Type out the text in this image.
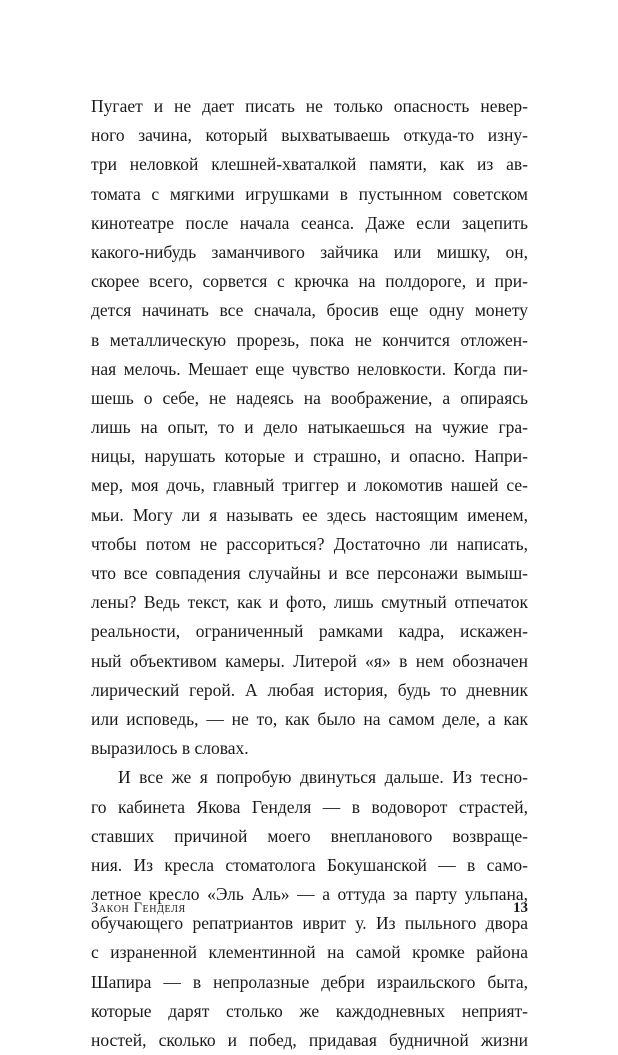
Пугает и не дает писать не только опасность невер-
ного зачина, который выхватываешь откуда-то изну-
три неловкой клешней-хваталкой памяти, как из ав-
томата с мягкими игрушками в пустынном советском
кинотеатре после начала сеанса. Даже если зацепить
какого-нибудь заманчивого зайчика или мишку, он,
скорее всего, сорвется с крючка на полдороге, и при-
дется начинать все сначала, бросив еще одну монету
в металлическую прорезь, пока не кончится отложен-
ная мелочь. Мешает еще чувство неловкости. Когда пи-
шешь о себе, не надеясь на воображение, а опираясь
лишь на опыт, то и дело натыкаешься на чужие гра-
ницы, нарушать которые и страшно, и опасно. Напри-
мер, моя дочь, главный триггер и локомотив нашей се-
мьи. Могу ли я называть ее здесь настоящим именем,
чтобы потом не рассориться? Достаточно ли написать,
что все совпадения случайны и все персонажи вымыш-
лены? Ведь текст, как и фото, лишь смутный отпечаток
реальности, ограниченный рамками кадра, искажен-
ный объективом камеры. Литерой «я» в нем обозначен
лирический герой. А любая история, будь то дневник
или исповедь, — не то, как было на самом деле, а как
выразилось в словах.
И все же я попробую двинуться дальше. Из тесно-
го кабинета Якова Генделя — в водоворот страстей,
ставших причиной моего внепланового возвраще-
ния. Из кресла стоматолога Бокушанской — в само-
летное кресло «Эль Аль» — а оттуда за парту ульпана,
обучающего репатриантов иврит у. Из пыльного двора
с израненной клементинной на самой кромке района
Шапира — в непролазные дебри израильского быта,
которые дарят столько же каждодневных неприят-
ностей, сколько и побед, придавая будничной жизни
Закон Генделя	13
